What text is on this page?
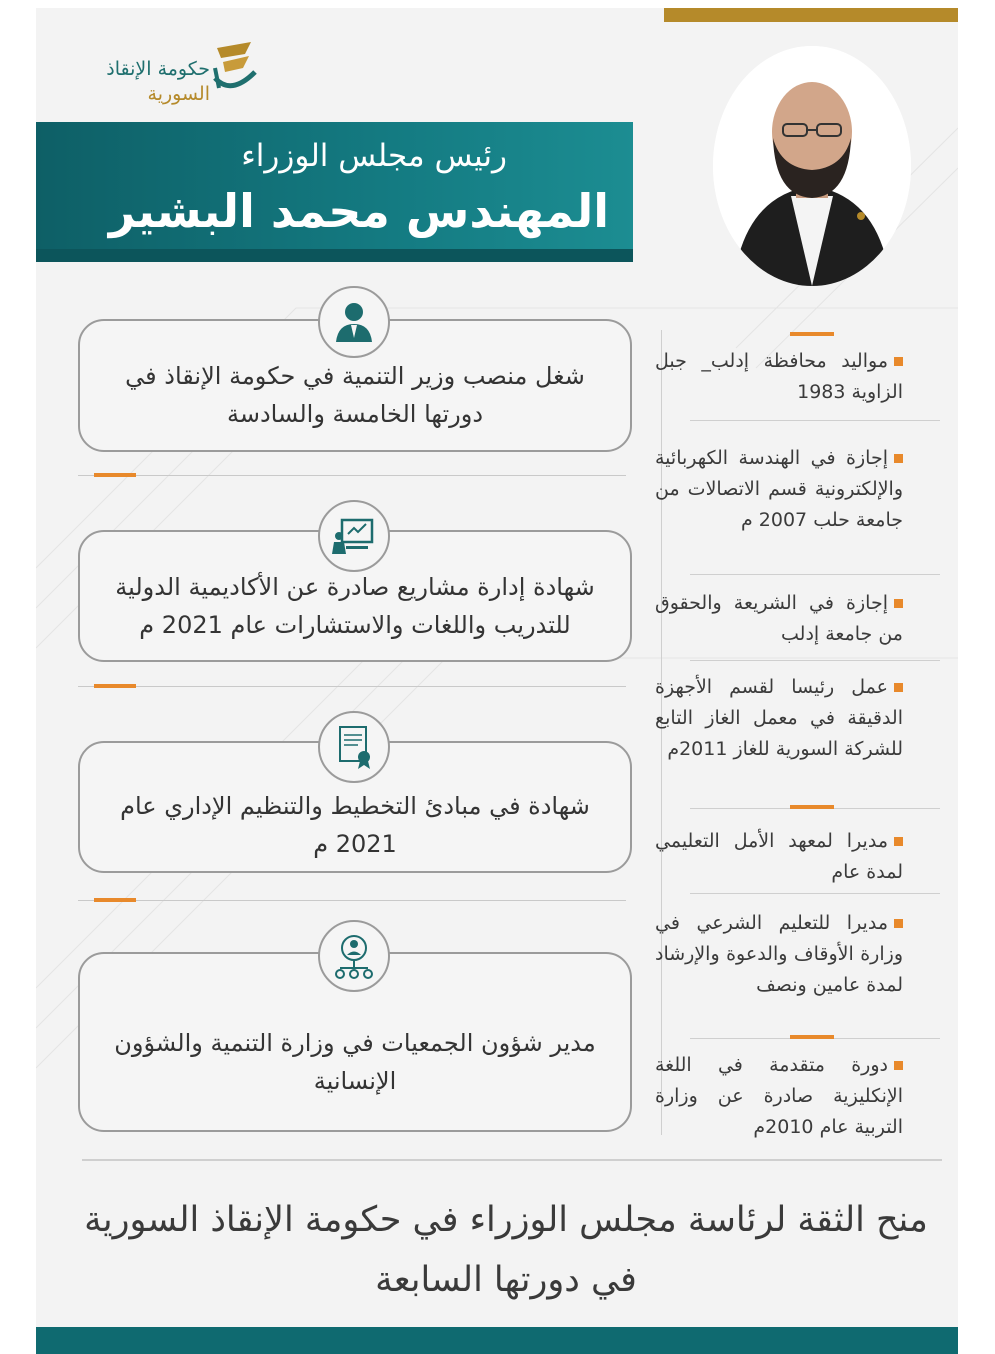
حكومة الإنقاذ
السورية
رئيس مجلس الوزراء
المهندس محمد البشير
مواليد محافظة إدلب_ جبل الزاوية 1983
إجازة في الهندسة الكهربائية والإلكترونية قسم الاتصالات من جامعة حلب 2007 م
إجازة في الشريعة والحقوق من جامعة إدلب
عمل رئيسا لقسم الأجهزة الدقيقة في معمل الغاز التابع للشركة السورية للغاز 2011م
مديرا لمعهد الأمل التعليمي لمدة عام
مديرا للتعليم الشرعي في وزارة الأوقاف والدعوة والإرشاد لمدة عامين ونصف
دورة متقدمة في اللغة الإنكليزية صادرة عن وزارة التربية عام 2010م
شغل منصب وزير التنمية في حكومة الإنقاذ في دورتها الخامسة والسادسة
شهادة إدارة مشاريع صادرة عن الأكاديمية الدولية للتدريب واللغات والاستشارات عام 2021 م
شهادة في مبادئ التخطيط والتنظيم الإداري عام 2021 م
مدير شؤون الجمعيات في وزارة التنمية والشؤون الإنسانية
منح الثقة لرئاسة مجلس الوزراء في حكومة الإنقاذ السورية في دورتها السابعة
